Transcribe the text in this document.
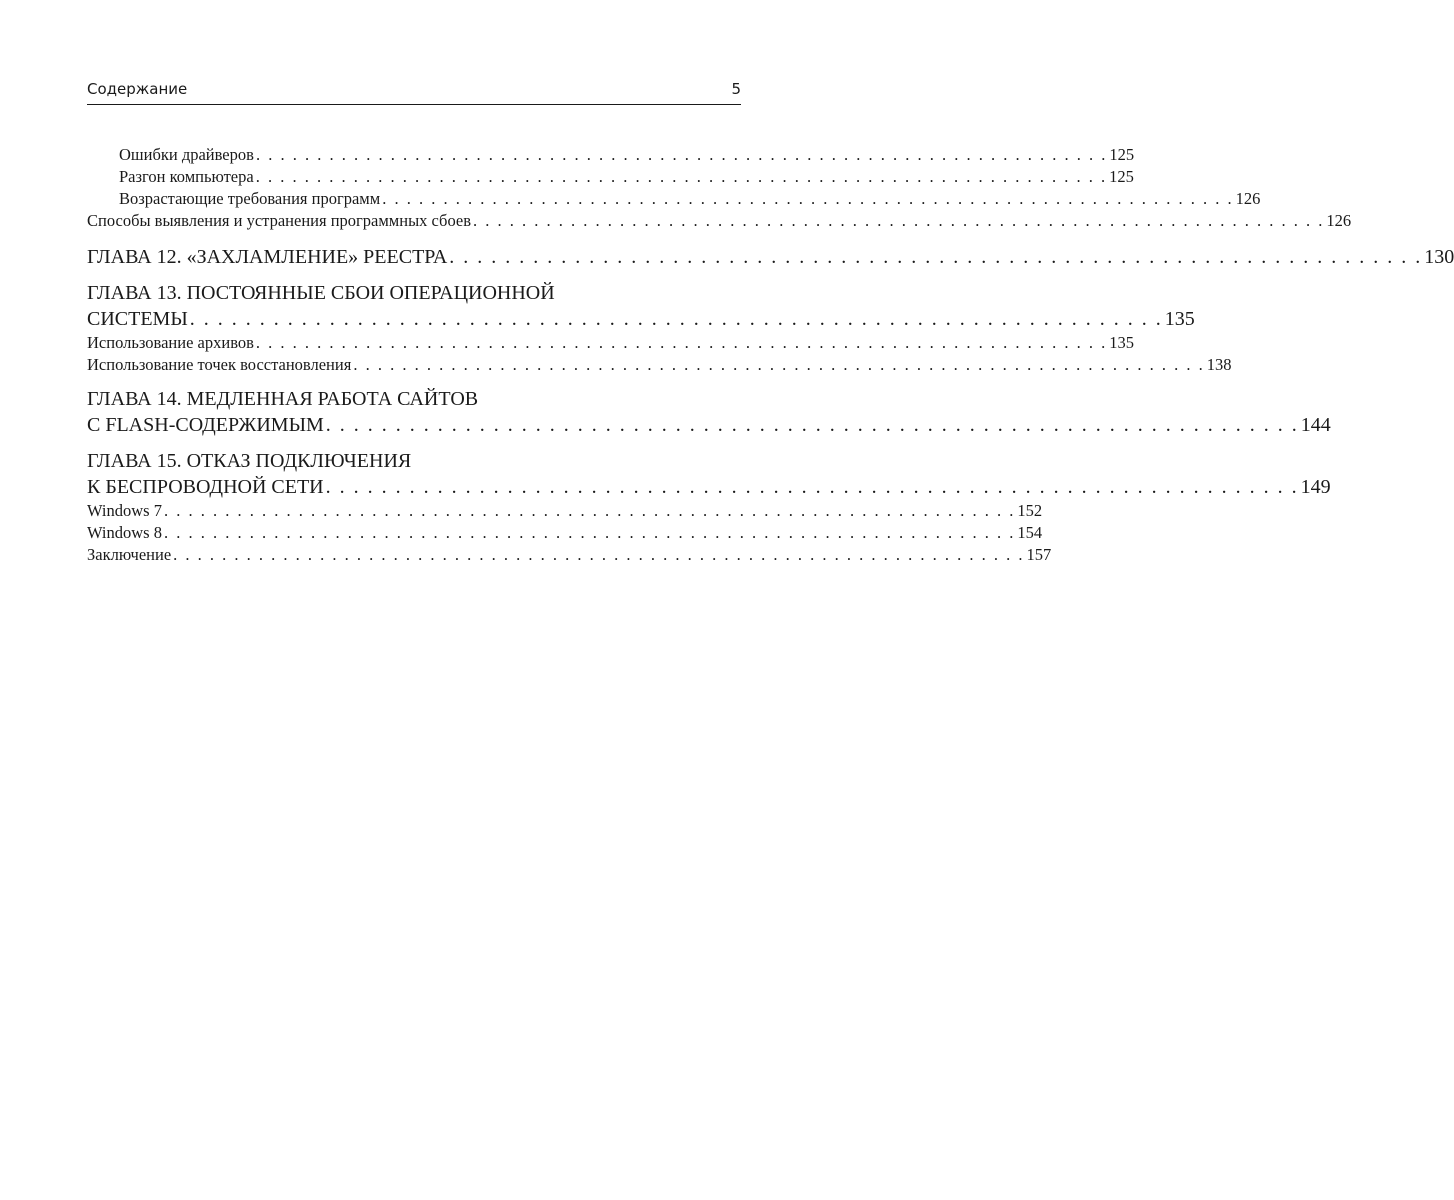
Содержание	5
Ошибки драйверов . . . . . . . . . . . . . . . . . . . . . . . . . . . . . . . . . . . . . . . . . . . . . . . . . . . . . . . . . . . . . . . . . . . . . . 125
Разгон компьютера . . . . . . . . . . . . . . . . . . . . . . . . . . . . . . . . . . . . . . . . . . . . . . . . . . . . . . . . . . . . . . . . . . . . . . 125
Возрастающие требования программ . . . . . . . . . . . . . . . . . . . . . . . . . . . . . . . . . . . . . . . . . . . . . . . . . . . . . . . . . . . . . . . . . . . . . . 126
Способы выявления и устранения программных сбоев . . . . . . . . . . . . . . . . . . . . . . . . . . . . . . . . . . . . . . . . . . . . . . . . . . . . . . . . . . . . . . . . . . . . . . 126
ГЛАВА 12. «ЗАХЛАМЛЕНИЕ» РЕЕСТРА . . . . . . . . . . . . . . . . . . . . . . . . . . . . . . . . . . . . . . . . . . . . . . . . . . . . . . . . . . . . . . . . . . . . . . 130
ГЛАВА 13. ПОСТОЯННЫЕ СБОИ ОПЕРАЦИОННОЙ
СИСТЕМЫ . . . . . . . . . . . . . . . . . . . . . . . . . . . . . . . . . . . . . . . . . . . . . . . . . . . . . . . . . . . . . . . . . . . . . . 135
Использование архивов . . . . . . . . . . . . . . . . . . . . . . . . . . . . . . . . . . . . . . . . . . . . . . . . . . . . . . . . . . . . . . . . . . . . . . 135
Использование точек восстановления . . . . . . . . . . . . . . . . . . . . . . . . . . . . . . . . . . . . . . . . . . . . . . . . . . . . . . . . . . . . . . . . . . . . . . 138
ГЛАВА 14. МЕДЛЕННАЯ РАБОТА САЙТОВ
С FLASH-СОДЕРЖИМЫМ . . . . . . . . . . . . . . . . . . . . . . . . . . . . . . . . . . . . . . . . . . . . . . . . . . . . . . . . . . . . . . . . . . . . . . 144
ГЛАВА 15. ОТКАЗ ПОДКЛЮЧЕНИЯ
К БЕСПРОВОДНОЙ СЕТИ . . . . . . . . . . . . . . . . . . . . . . . . . . . . . . . . . . . . . . . . . . . . . . . . . . . . . . . . . . . . . . . . . . . . . . 149
Windows 7 . . . . . . . . . . . . . . . . . . . . . . . . . . . . . . . . . . . . . . . . . . . . . . . . . . . . . . . . . . . . . . . . . . . . . . 152
Windows 8 . . . . . . . . . . . . . . . . . . . . . . . . . . . . . . . . . . . . . . . . . . . . . . . . . . . . . . . . . . . . . . . . . . . . . . 154
Заключение . . . . . . . . . . . . . . . . . . . . . . . . . . . . . . . . . . . . . . . . . . . . . . . . . . . . . . . . . . . . . . . . . . . . . . 157
